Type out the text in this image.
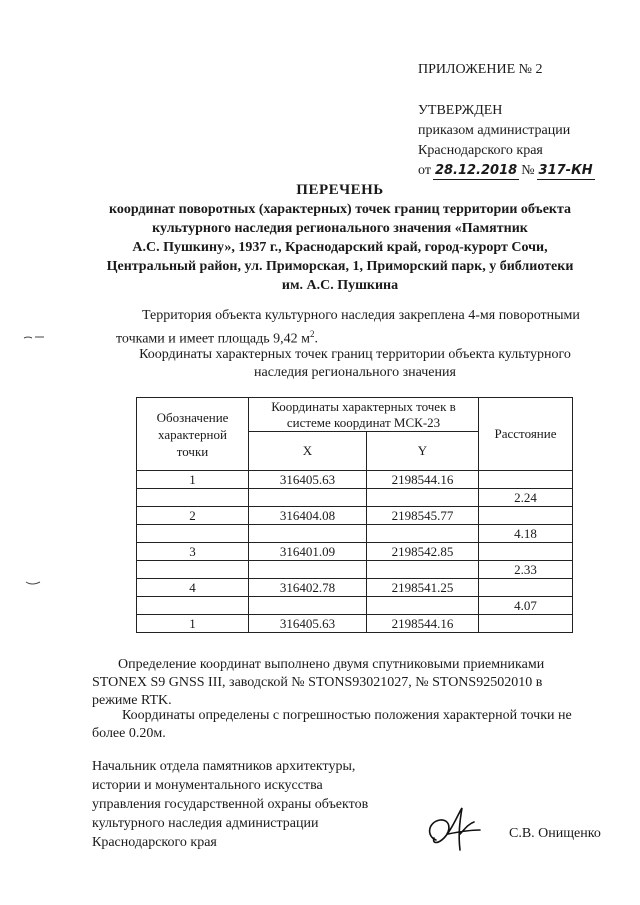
ПРИЛОЖЕНИЕ № 2
УТВЕРЖДЕН
приказом администрации
Краснодарского края
от 28.12.2018 № 317-КН
ПЕРЕЧЕНЬ
координат поворотных (характерных) точек границ территории объекта
культурного наследия регионального значения «Памятник
А.С. Пушкину», 1937 г., Краснодарский край, город-курорт Сочи,
Центральный район, ул. Приморская, 1, Приморский парк, у библиотеки
им. А.С. Пушкина
Территория объекта культурного наследия закреплена 4-мя поворотными
точками и имеет площадь 9,42 $м^2$.
Координаты характерных точек границ территории объекта культурного
наследия регионального значения
Обозначение характерной точки	Координаты характерных точек в системе координат МСК-23		Расстояние
	X	Y	
1	316405.63	2198544.16	
			2.24
2	316404.08	2198545.77	
			4.18
3	316401.09	2198542.85	
			2.33
4	316402.78	2198541.25	
			4.07
1	316405.63	2198544.16	
Определение координат выполнено двумя спутниковыми приемниками
STONEX S9 GNSS III, заводской № STONS93021027, № STONS92502010 в
режиме RTK.
Координаты определены с погрешностью положения характерной точки не
более 0.20м.
Начальник отдела памятников архитектуры,
истории и монументального искусства
управления государственной охраны объектов
культурного наследия администрации
Краснодарского края
С.В. Онищенко
